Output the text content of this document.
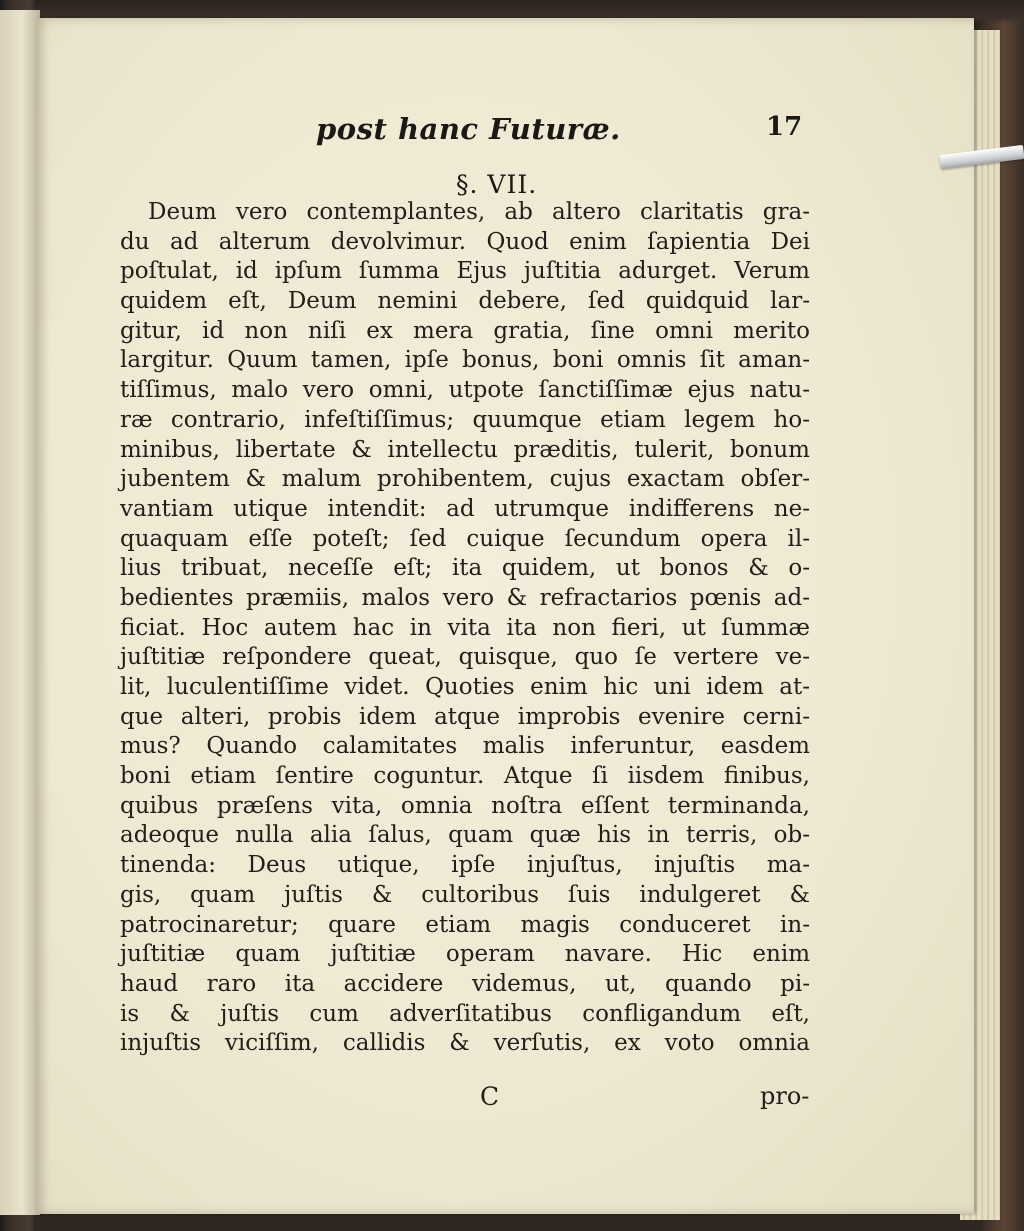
post hanc Futuræ.	17
§. VII.
Deum vero contemplantes, ab altero claritatis gra-
du ad alterum devolvimur. Quod enim ſapientia Dei
poſtulat, id ipſum ſumma Ejus juſtitia adurget. Verum
quidem eſt, Deum nemini debere, ſed quidquid lar-
gitur, id non niſi ex mera gratia, ſine omni merito
largitur. Quum tamen, ipſe bonus, boni omnis ſit aman-
tiſſimus, malo vero omni, utpote ſanctiſſimæ ejus natu-
ræ contrario, infeſtiſſimus; quumque etiam legem ho-
minibus, libertate & intellectu præditis, tulerit, bonum
jubentem & malum prohibentem, cujus exactam obſer-
vantiam utique intendit: ad utrumque indifferens ne-
quaquam eſſe poteſt; ſed cuique ſecundum opera il-
lius tribuat, neceſſe eſt; ita quidem, ut bonos & o-
bedientes præmiis, malos vero & refractarios pœnis ad-
ficiat. Hoc autem hac in vita ita non fieri, ut ſummæ
juſtitiæ reſpondere queat, quisque, quo ſe vertere ve-
lit, luculentiſſime videt. Quoties enim hic uni idem at-
que alteri, probis idem atque improbis evenire cerni-
mus? Quando calamitates malis inferuntur, easdem
boni etiam ſentire coguntur. Atque ſi iisdem finibus,
quibus præſens vita, omnia noſtra eſſent terminanda,
adeoque nulla alia ſalus, quam quæ his in terris, ob-
tinenda: Deus utique, ipſe injuſtus, injuſtis ma-
gis, quam juſtis & cultoribus ſuis indulgeret &
patrocinaretur; quare etiam magis conduceret in-
juſtitiæ quam juſtitiæ operam navare. Hic enim
haud raro ita accidere videmus, ut, quando pi-
is & juſtis cum adverſitatibus confligandum eſt,
injuſtis viciſſim, callidis & verſutis, ex voto omnia
C	pro-
